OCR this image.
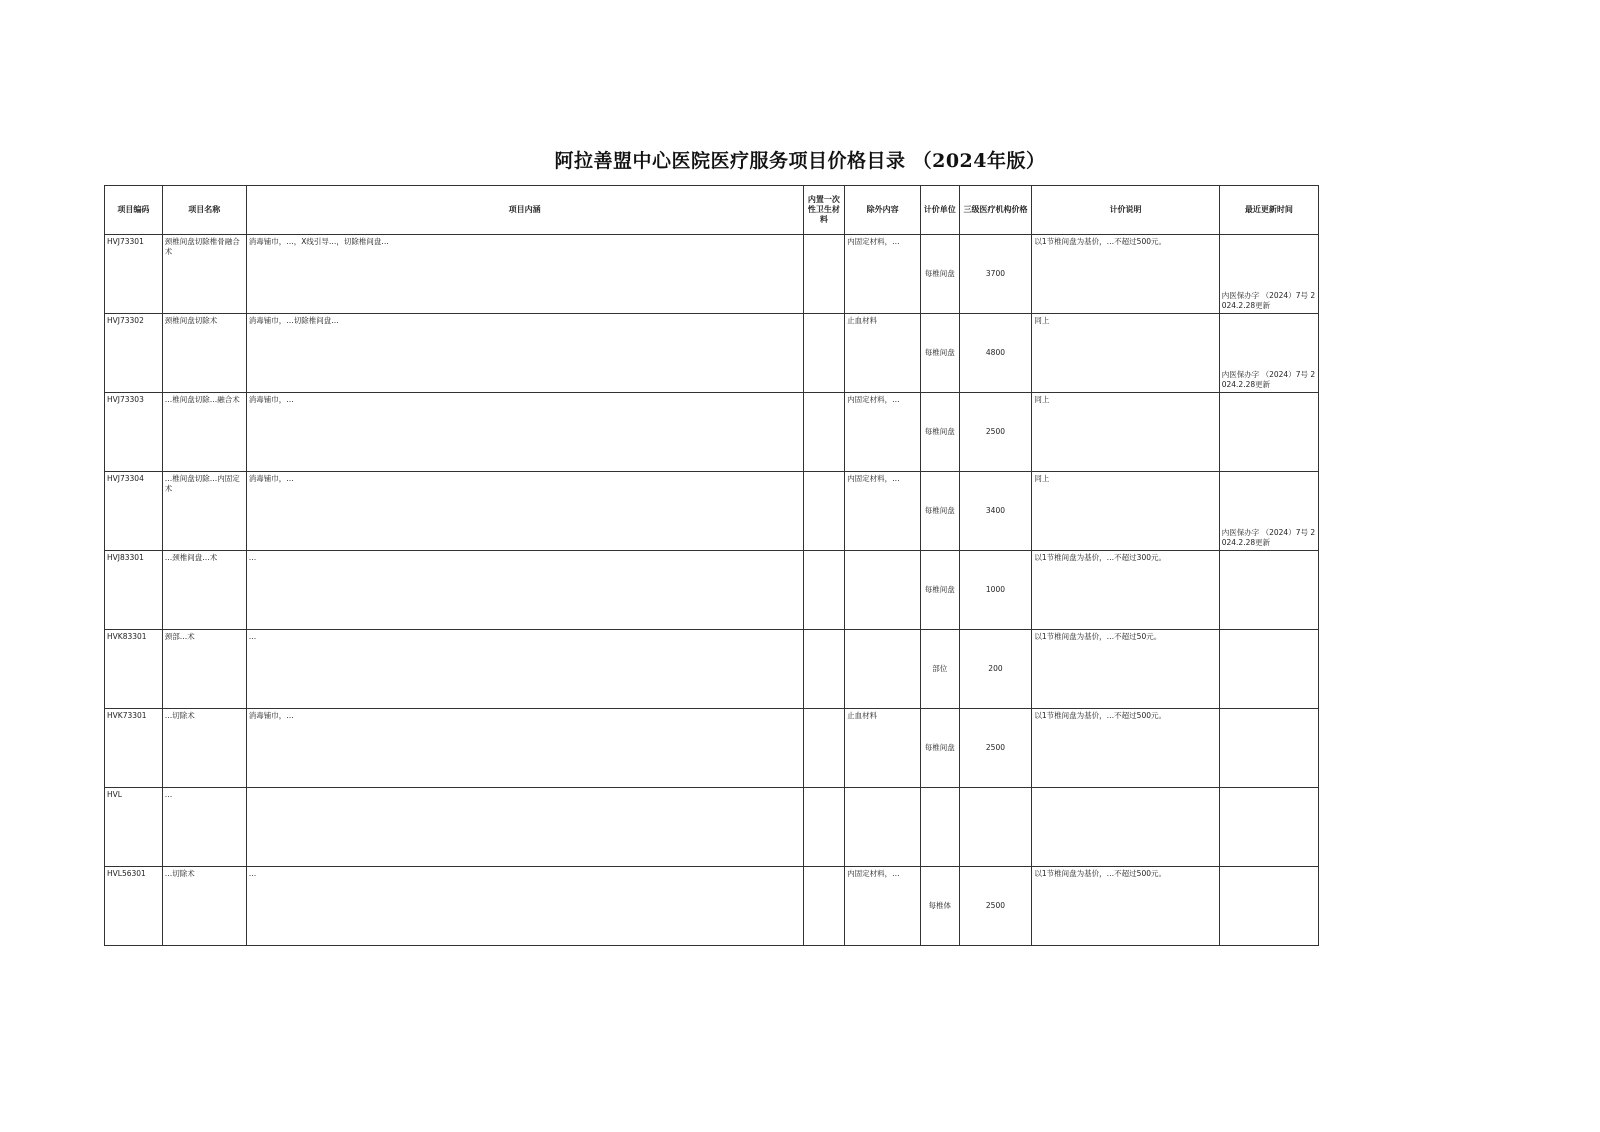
阿拉善盟中心医院医疗服务项目价格目录 （2024年版）
项目编码	项目名称	项目内涵	内置一次性卫生材料	除外内容	计价单位	三级医疗机构价格	计价说明	最近更新时间
HVJ73301	颈椎间盘切除椎骨融合术	消毒铺巾，…，X线引导…，切除椎间盘…		内固定材料，…	每椎间盘	3700	以1节椎间盘为基价，…不超过500元。	内医保办字 （2024）7号 2024.2.28更新
HVJ73302	颈椎间盘切除术	消毒铺巾，…切除椎间盘…		止血材料	每椎间盘	4800	同上	内医保办字 （2024）7号 2024.2.28更新
HVJ73303	…椎间盘切除…融合术	消毒铺巾，…		内固定材料，…	每椎间盘	2500	同上	
HVJ73304	…椎间盘切除…内固定术	消毒铺巾，…		内固定材料，…	每椎间盘	3400	同上	内医保办字 （2024）7号 2024.2.28更新
HVJ83301	…颈椎间盘…术	…			每椎间盘	1000	以1节椎间盘为基价，…不超过300元。	
HVK83301	颈部…术	…			部位	200	以1节椎间盘为基价，…不超过50元。	
HVK73301	…切除术	消毒铺巾，…		止血材料	每椎间盘	2500	以1节椎间盘为基价，…不超过500元。	
HVL	…							
HVL56301	…切除术	…		内固定材料，…	每椎体	2500	以1节椎间盘为基价，…不超过500元。	
